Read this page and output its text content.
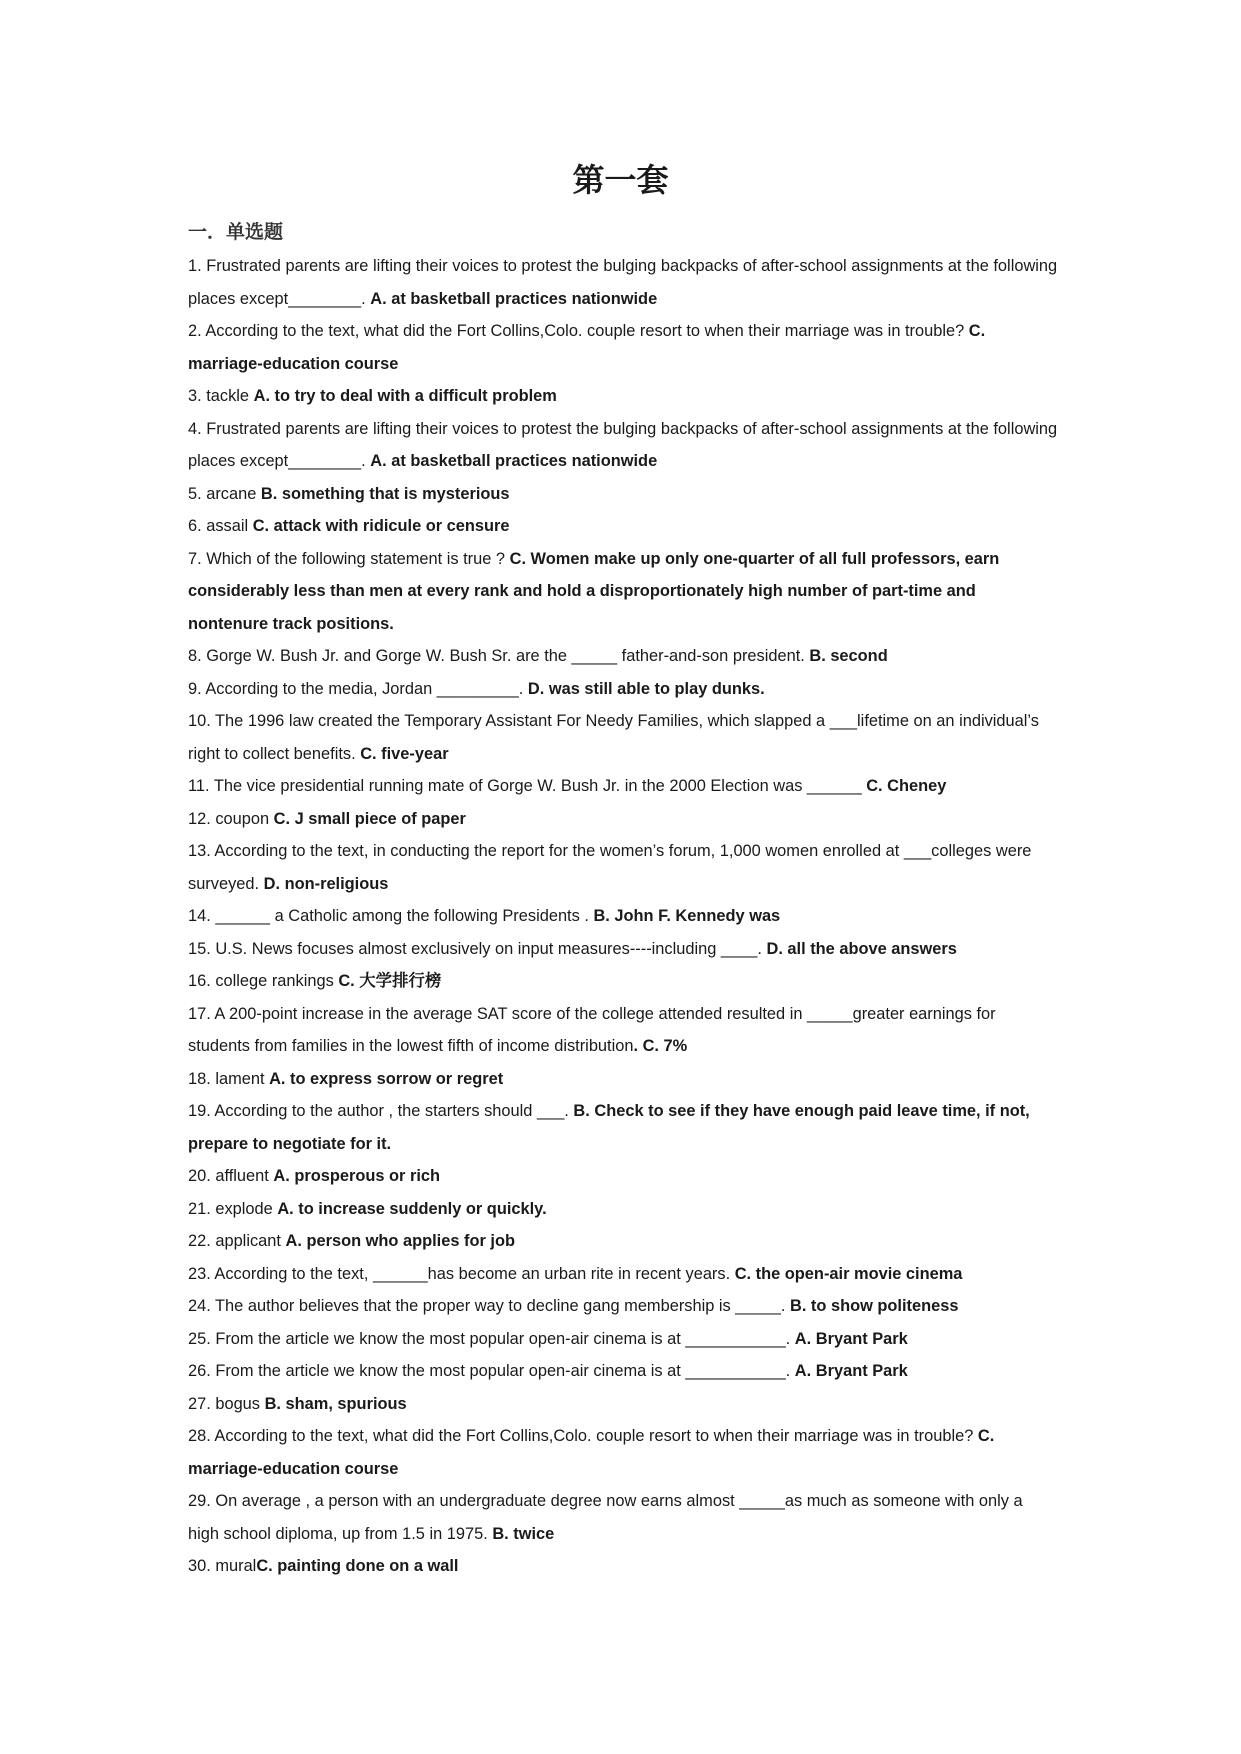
第一套
一．单选题

1. Frustrated parents are lifting their voices to protest the bulging backpacks of after-school assignments at the following places except________. A. at basketball practices nationwide

2. According to the text, what did the Fort Collins,Colo. couple resort to when their marriage was in trouble? C. marriage-education course

3. tackle A. to try to deal with a difficult problem

4. Frustrated parents are lifting their voices to protest the bulging backpacks of after-school assignments at the following places except________. A. at basketball practices nationwide

5. arcane B. something that is mysterious

6. assail C. attack with ridicule or censure

7. Which of the following statement is true ? C. Women make up only one-quarter of all full professors, earn considerably less than men at every rank and hold a disproportionately high number of part-time and nontenure track positions.

8. Gorge W. Bush Jr. and Gorge W. Bush Sr. are the _____ father-and-son president. B. second

9. According to the media, Jordan _________. D. was still able to play dunks.

10. The 1996 law created the Temporary Assistant For Needy Families, which slapped a ___lifetime on an individual’s right to collect benefits. C. five-year

11. The vice presidential running mate of Gorge W. Bush Jr. in the 2000 Election was ______ C. Cheney

12. coupon C. J small piece of paper

13. According to the text, in conducting the report for the women’s forum, 1,000 women enrolled at ___colleges were surveyed. D. non-religious

14. ______ a Catholic among the following Presidents . B. John F. Kennedy was

15. U.S. News focuses almost exclusively on input measures----including ____. D. all the above answers

16. college rankings C. 大学排行榜

17. A 200-point increase in the average SAT score of the college attended resulted in _____greater earnings for students from families in the lowest fifth of income distribution. C. 7%

18. lament A. to express sorrow or regret

19. According to the author , the starters should ___. B. Check to see if they have enough paid leave time, if not, prepare to negotiate for it.

20. affluent A. prosperous or rich

21. explode A. to increase suddenly or quickly.

22. applicant A. person who applies for job

23. According to the text, ______has become an urban rite in recent years. C. the open-air movie cinema

24. The author believes that the proper way to decline gang membership is _____. B. to show politeness

25. From the article we know the most popular open-air cinema is at ___________. A. Bryant Park

26. From the article we know the most popular open-air cinema is at ___________. A. Bryant Park

27. bogus B. sham, spurious

28. According to the text, what did the Fort Collins,Colo. couple resort to when their marriage was in trouble? C. marriage-education course

29. On average , a person with an undergraduate degree now earns almost _____as much as someone with only a high school diploma, up from 1.5 in 1975. B. twice

30. muralC. painting done on a wall
